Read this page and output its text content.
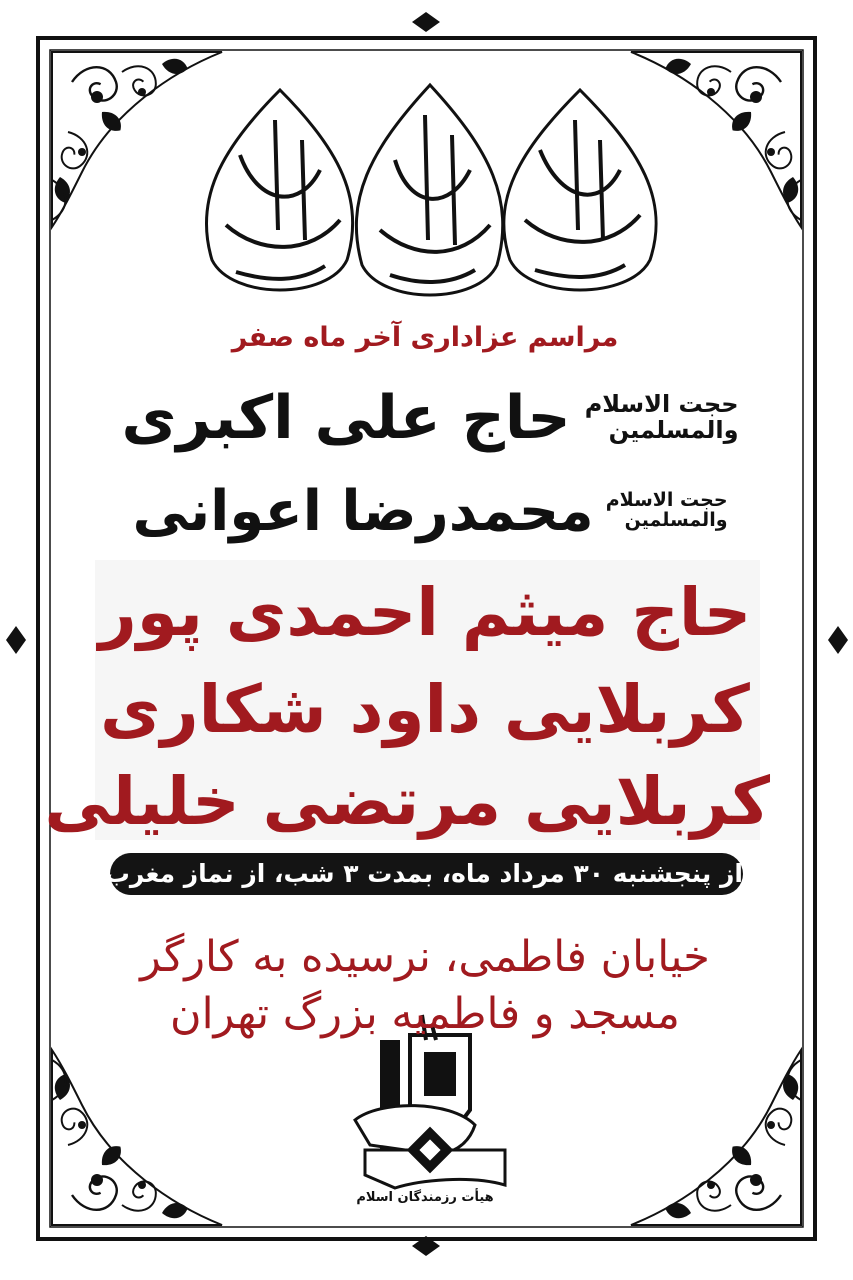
مراسم عزاداری آخر ماه صفر
حجت الاسلام
والمسلمین
حاج علی اکبری
حجت الاسلام
والمسلمین
محمدرضا اعوانی
حاج میثم احمدی پور
کربلایی داود شکاری
کربلایی مرتضی خلیلی
از پنجشنبه ۳۰ مرداد ماه، بمدت ۳ شب، از نماز مغرب
خیابان فاطمی، نرسیده به کارگر
مسجد و فاطمیه بزرگ تهران
هیأت رزمندگان اسلام
